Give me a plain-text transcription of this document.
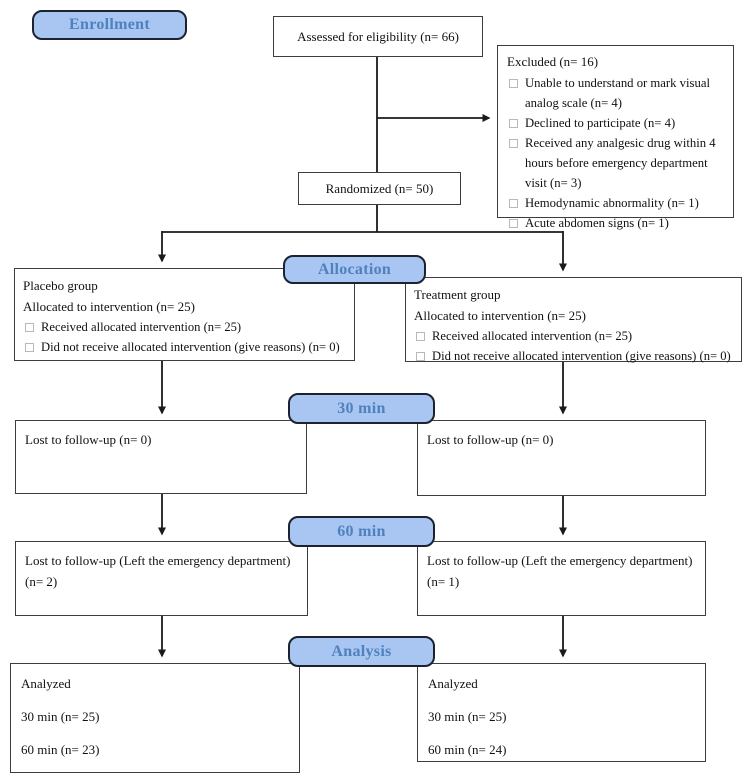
Enrollment
Allocation
30 min
60 min
Analysis
Assessed for eligibility (n= 66)
Excluded (n= 16)
Unable to understand or mark visual analog scale (n= 4)
Declined to participate (n= 4)
Received any analgesic drug within 4 hours before emergency department visit (n= 3)
Hemodynamic abnormality (n= 1)
Acute abdomen signs (n= 1)
Randomized (n= 50)
Placebo group
Allocated to intervention (n= 25)
Received allocated intervention (n= 25)
Did not receive allocated intervention (give reasons) (n= 0)
Treatment group
Allocated to intervention (n= 25)
Received allocated intervention (n= 25)
Did not receive allocated intervention (give reasons) (n= 0)
Lost to follow-up (n= 0)	Lost to follow-up (n= 0)
Lost to follow-up (Left the emergency department)
(n= 2)
Lost to follow-up (Left the emergency department)
(n= 1)
Analyzed
30 min (n= 25)
60 min (n= 23)
Analyzed
30 min (n= 25)
60 min (n= 24)
